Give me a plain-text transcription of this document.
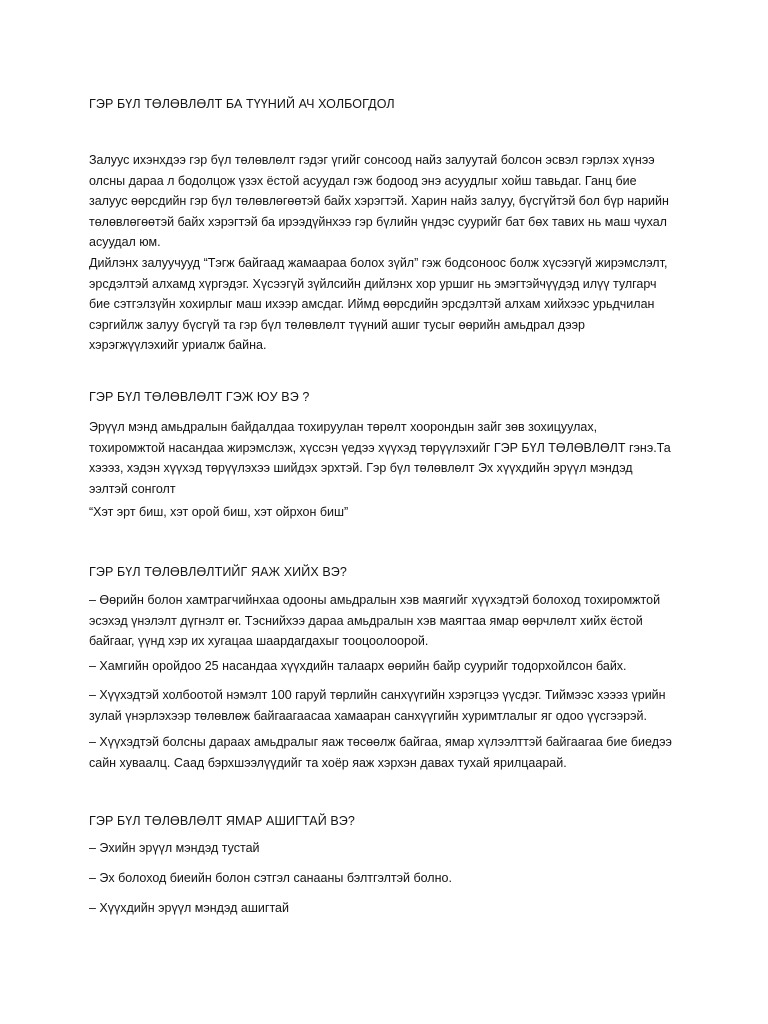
ГЭР БҮЛ ТӨЛӨВЛӨЛТ БА ТҮҮНИЙ АЧ ХОЛБОГДОЛ

Залуус ихэнхдээ гэр бүл төлөвлөлт гэдэг үгийг сонсоод найз залуутай болсон эсвэл гэрлэх хүнээ олсны дараа л бодолцож үзэх ёстой асуудал гэж бодоод энэ асуудлыг хойш тавьдаг. Ганц бие залуус өөрсдийн гэр бүл төлөвлөгөөтэй байх хэрэгтэй. Харин найз залуу, бүсгүйтэй бол бүр нарийн төлөвлөгөөтэй байх хэрэгтэй ба ирээдүйнхээ гэр бүлийн үндэс суурийг бат бөх тавих нь маш чухал асуудал юм.

Дийлэнх залуучууд “Тэгж байгаад жамаараа болох зүйл” гэж бодсоноос болж хүсээгүй жирэмслэлт, эрсдэлтэй алхамд хүргэдэг. Хүсээгүй зүйлсийн дийлэнх хор уршиг нь эмэгтэйчүүдэд илүү тулгарч бие сэтгэлзүйн хохирлыг маш ихээр амсдаг. Иймд өөрсдийн эрсдэлтэй алхам хийхээс урьдчилан сэргийлж залуу бүсгүй та гэр бүл төлөвлөлт түүний ашиг тусыг өөрийн амьдрал дээр хэрэгжүүлэхийг уриалж байна.

ГЭР БҮЛ ТӨЛӨВЛӨЛТ ГЭЖ ЮУ ВЭ ?

Эрүүл мэнд амьдралын байдалдаа тохируулан төрөлт хоорондын зайг зөв зохицуулах, тохиромжтой насандаа жирэмслэж, хүссэн үедээ хүүхэд төрүүлэхийг ГЭР БҮЛ ТӨЛӨВЛӨЛТ гэнэ.Та хэээз, хэдэн хүүхэд төрүүлэхээ шийдэх эрхтэй. Гэр бүл төлөвлөлт Эх хүүхдийн эрүүл мэндэд ээлтэй сонголт

“Хэт эрт биш, хэт орой биш, хэт ойрхон биш”

ГЭР БҮЛ ТӨЛӨВЛӨЛТИЙГ ЯАЖ ХИЙХ ВЭ?

– Өөрийн болон хамтрагчийнхаа одооны амьдралын хэв маягийг хүүхэдтэй болоход тохиромжтой эсэхэд үнэлэлт дүгнэлт өг. Тэснийхээ дараа амьдралын хэв маягтаа ямар өөрчлөлт хийх ёстой байгааг, үүнд хэр их хугацаа шаардагдахыг тооцоолоорой.

– Хамгийн оройдоо 25 насандаа хүүхдийн талаарх өөрийн байр суурийг тодорхойлсон байх.

– Хүүхэдтэй холбоотой нэмэлт 100 гаруй төрлийн санхүүгийн хэрэгцээ үүсдэг. Тиймээс хэээз үрийн зулай үнэрлэхээр төлөвлөж байгаагаасаа хамааран санхүүгийн хуримтлалыг яг одоо үүсгээрэй.

– Хүүхэдтэй болсны дараах амьдралыг яаж төсөөлж байгаа, ямар хүлээлттэй байгаагаа бие биедээ сайн хуваалц. Саад бэрхшээлүүдийг та хоёр яаж хэрхэн давах тухай ярилцаарай.

ГЭР БҮЛ ТӨЛӨВЛӨЛТ ЯМАР АШИГТАЙ ВЭ?

– Эхийн эрүүл мэндэд тустай

– Эх болоход биеийн болон сэтгэл санааны бэлтгэлтэй болно.

– Хүүхдийн эрүүл мэндэд ашигтай
